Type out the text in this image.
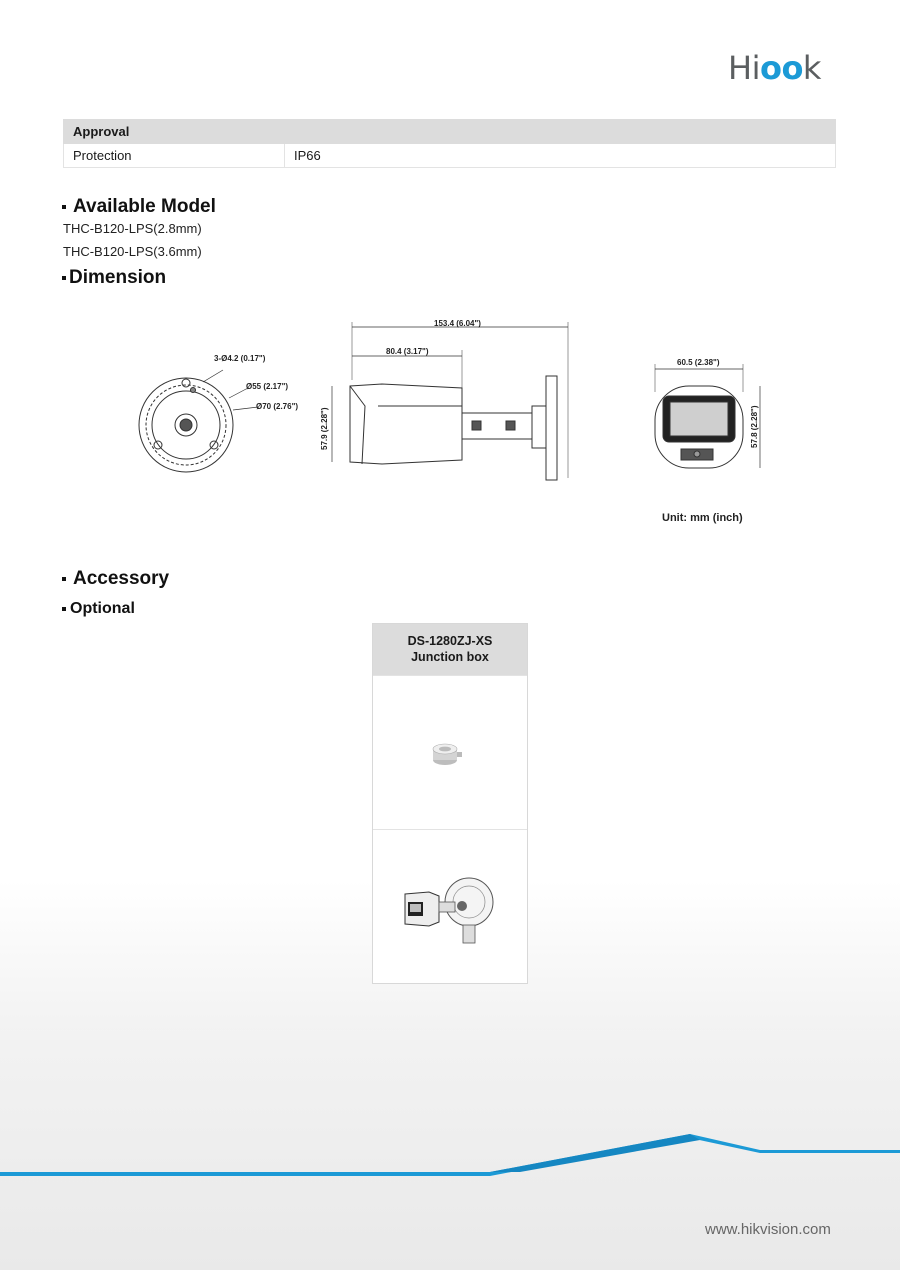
Hiook
Approval
Protection	IP66
Available Model
THC-B120-LPS(2.8mm)
THC-B120-LPS(3.6mm)
Dimension
3-Ø4.2 (0.17")
Ø55 (2.17")
Ø70 (2.76")
153.4 (6.04")
80.4 (3.17")
57.9 (2.28")
60.5 (2.38")
57.8 (2.28")
Unit: mm (inch)
Accessory
Optional
DS-1280ZJ-XS
Junction box
www.hikvision.com
